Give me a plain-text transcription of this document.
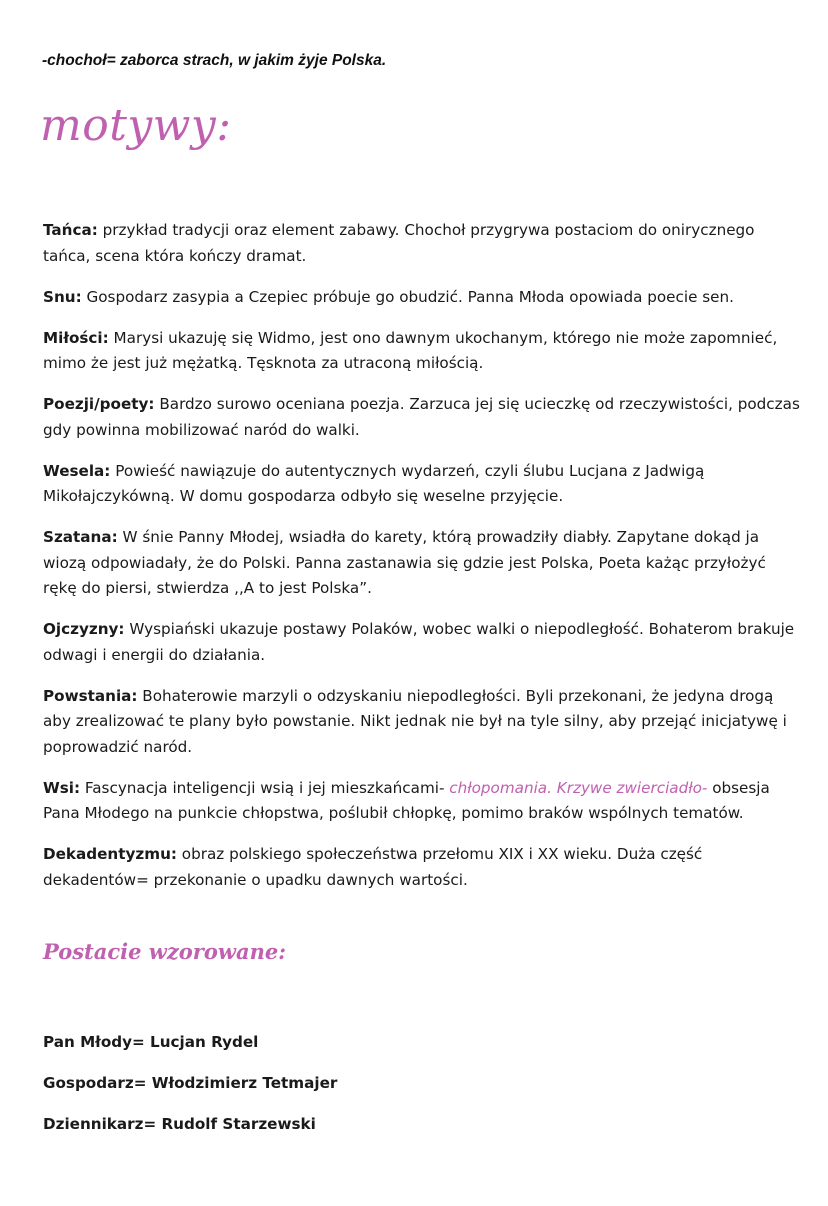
-chochoł= zaborca strach, w jakim żyje Polska.
motywy:

Tańca: przykład tradycji oraz element zabawy. Chochoł przygrywa postaciom do onirycznego tańca, scena która kończy dramat.

Snu: Gospodarz zasypia a Czepiec próbuje go obudzić. Panna Młoda opowiada poecie sen.

Miłości: Marysi ukazuję się Widmo, jest ono dawnym ukochanym, którego nie może zapomnieć, mimo że jest już mężatką. Tęsknota za utraconą miłością.

Poezji/poety: Bardzo surowo oceniana poezja. Zarzuca jej się ucieczkę od rzeczywistości, podczas gdy powinna mobilizować naród do walki.

Wesela: Powieść nawiązuje do autentycznych wydarzeń, czyli ślubu Lucjana z Jadwigą Mikołajczykówną. W domu gospodarza odbyło się weselne przyjęcie.

Szatana: W śnie Panny Młodej, wsiadła do karety, którą prowadziły diabły. Zapytane dokąd ja wiozą odpowiadały, że do Polski. Panna zastanawia się gdzie jest Polska, Poeta każąc przyłożyć rękę do piersi, stwierdza ,,A to jest Polska”.

Ojczyzny: Wyspiański ukazuje postawy Polaków, wobec walki o niepodległość. Bohaterom brakuje odwagi i energii do działania.

Powstania: Bohaterowie marzyli o odzyskaniu niepodległości. Byli przekonani, że jedyna drogą aby zrealizować te plany było powstanie. Nikt jednak nie był na tyle silny, aby przejąć inicjatywę i poprowadzić naród.

Wsi: Fascynacja inteligencji wsią i jej mieszkańcami- chłopomania. Krzywe zwierciadło- obsesja Pana Młodego na punkcie chłopstwa, poślubił chłopkę, pomimo braków wspólnych tematów.

Dekadentyzmu: obraz polskiego społeczeństwa przełomu XIX i XX wieku. Duża część dekadentów= przekonanie o upadku dawnych wartości.

Postacie wzorowane:
Pan Młody= Lucjan Rydel
Gospodarz= Włodzimierz Tetmajer
Dziennikarz= Rudolf Starzewski
